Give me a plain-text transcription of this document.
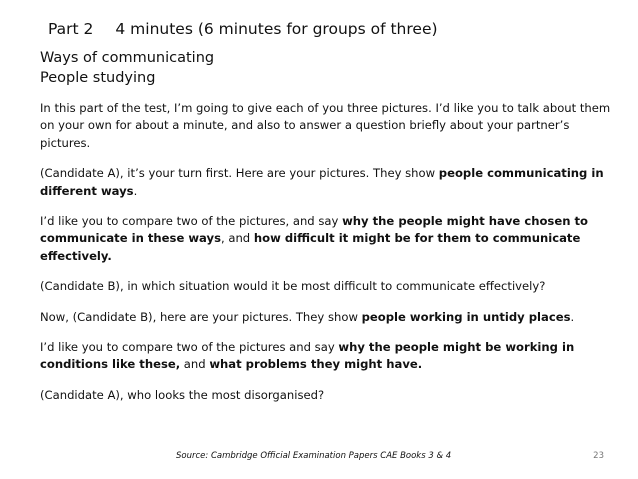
Part 2 4 minutes (6 minutes for groups of three)
Ways of communicating
People studying

In this part of the test, I’m going to give each of you three pictures. I’d like you to talk about them on your own for about a minute, and also to answer a question briefly about your partner’s pictures.

(Candidate A), it’s your turn first. Here are your pictures. They show people communicating in different ways.

I’d like you to compare two of the pictures, and say why the people might have chosen to communicate in these ways, and how difficult it might be for them to communicate effectively.

(Candidate B), in which situation would it be most difficult to communicate effectively?

Now, (Candidate B), here are your pictures. They show people working in untidy places.

I’d like you to compare two of the pictures and say why the people might be working in conditions like these, and what problems they might have.

(Candidate A), who looks the most disorganised?

Source: Cambridge Official Examination Papers CAE Books 3 & 4	23
